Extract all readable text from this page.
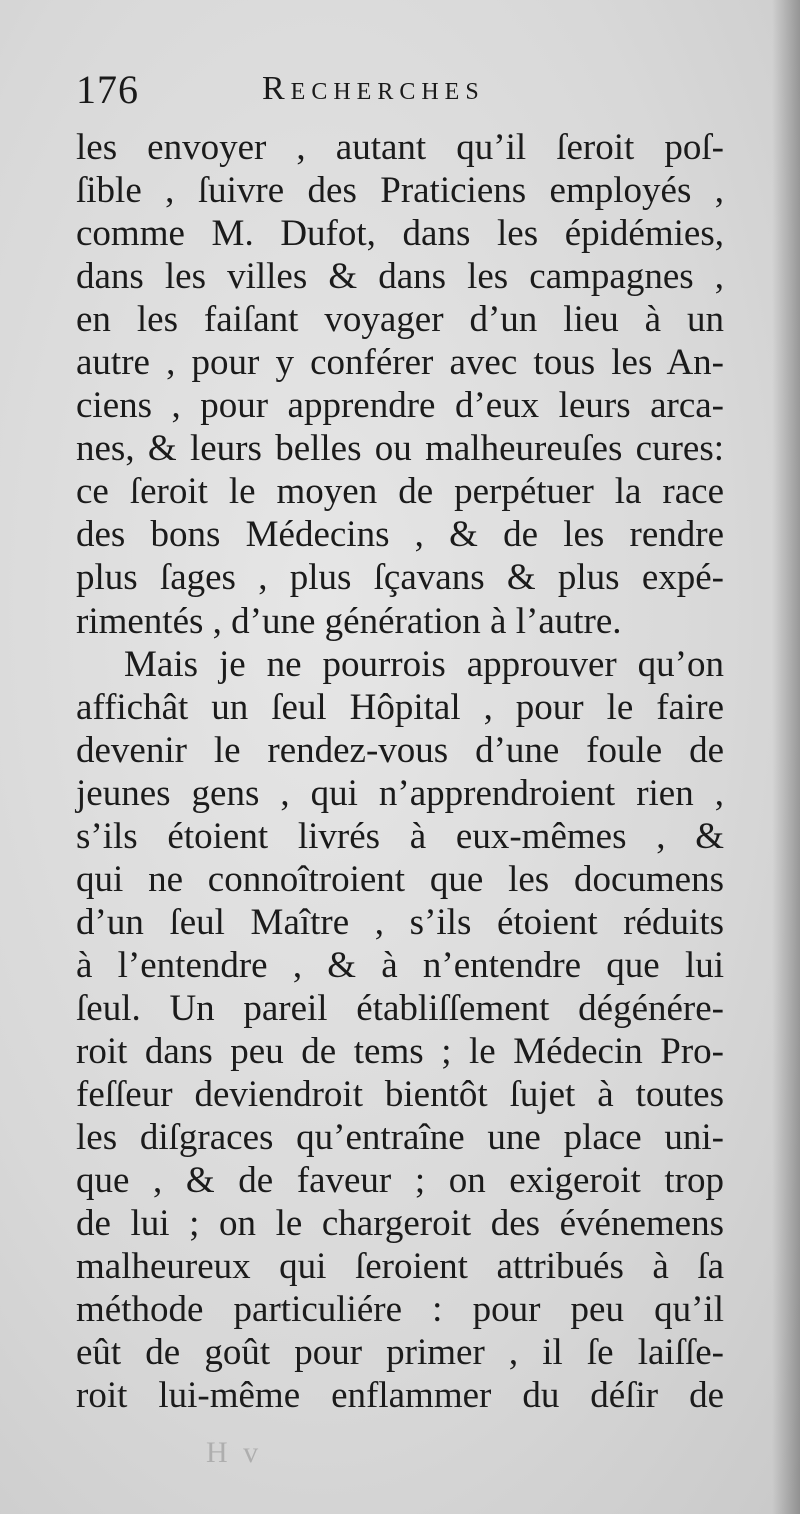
176	Recherches
les envoyer , autant qu’il ſeroit poſ-
ſible , ſuivre des Praticiens employés ,
comme M. Dufot, dans les épidémies,
dans les villes & dans les campagnes ,
en les faiſant voyager d’un lieu à un
autre , pour y conférer avec tous les An-
ciens , pour apprendre d’eux leurs arca-
nes, & leurs belles ou malheureuſes cures:
ce ſeroit le moyen de perpétuer la race
des bons Médecins , & de les rendre
plus ſages , plus ſçavans & plus expé-
rimentés , d’une génération à l’autre.
Mais je ne pourrois approuver qu’on
affichât un ſeul Hôpital , pour le faire
devenir le rendez-vous d’une foule de
jeunes gens , qui n’apprendroient rien ,
s’ils étoient livrés à eux-mêmes , &
qui ne connoîtroient que les documens
d’un ſeul Maître , s’ils étoient réduits
à l’entendre , & à n’entendre que lui
ſeul. Un pareil établiſſement dégénére-
roit dans peu de tems ; le Médecin Pro-
feſſeur deviendroit bientôt ſujet à toutes
les diſgraces qu’entraîne une place uni-
que , & de faveur ; on exigeroit trop
de lui ; on le chargeroit des événemens
malheureux qui ſeroient attribués à ſa
méthode particuliére : pour peu qu’il
eût de goût pour primer , il ſe laiſſe-
roit lui-même enflammer du déſir de
H v
